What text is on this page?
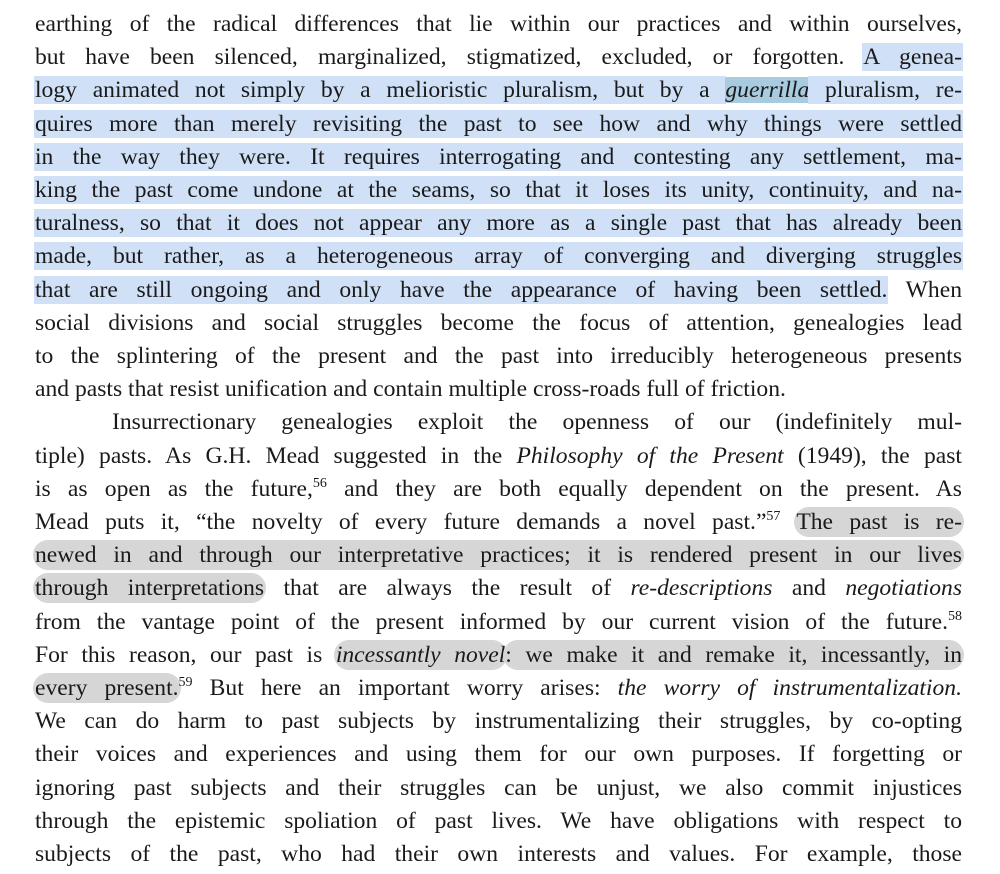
earthing of the radical differences that lie within our practices and within ourselves,
but have been silenced, marginalized, stigmatized, excluded, or forgotten. A genea-
logy animated not simply by a melioristic pluralism, but by a guerrilla pluralism, re-
quires more than merely revisiting the past to see how and why things were settled
in the way they were. It requires interrogating and contesting any settlement, ma-
king the past come undone at the seams, so that it loses its unity, continuity, and na-
turalness, so that it does not appear any more as a single past that has already been
made, but rather, as a heterogeneous array of converging and diverging struggles
that are still ongoing and only have the appearance of having been settled. When
social divisions and social struggles become the focus of attention, genealogies lead
to the splintering of the present and the past into irreducibly heterogeneous presents
and pasts that resist unification and contain multiple cross-roads full of friction.
Insurrectionary genealogies exploit the openness of our (indefinitely mul-
tiple) pasts. As G.H. Mead suggested in the Philosophy of the Present (1949), the past
is as open as the future,$^{56}$ and they are both equally dependent on the present. As
Mead puts it, “the novelty of every future demands a novel past.”$^{57}$ The past is re-
newed in and through our interpretative practices; it is rendered present in our lives
through interpretations that are always the result of re-descriptions and negotiations
from the vantage point of the present informed by our current vision of the future.$^{58}$
For this reason, our past is incessantly novel: we make it and remake it, incessantly, in
every present.$^{59}$ But here an important worry arises: the worry of instrumentalization.
We can do harm to past subjects by instrumentalizing their struggles, by co-opting
their voices and experiences and using them for our own purposes. If forgetting or
ignoring past subjects and their struggles can be unjust, we also commit injustices
through the epistemic spoliation of past lives. We have obligations with respect to
subjects of the past, who had their own interests and values. For example, those
